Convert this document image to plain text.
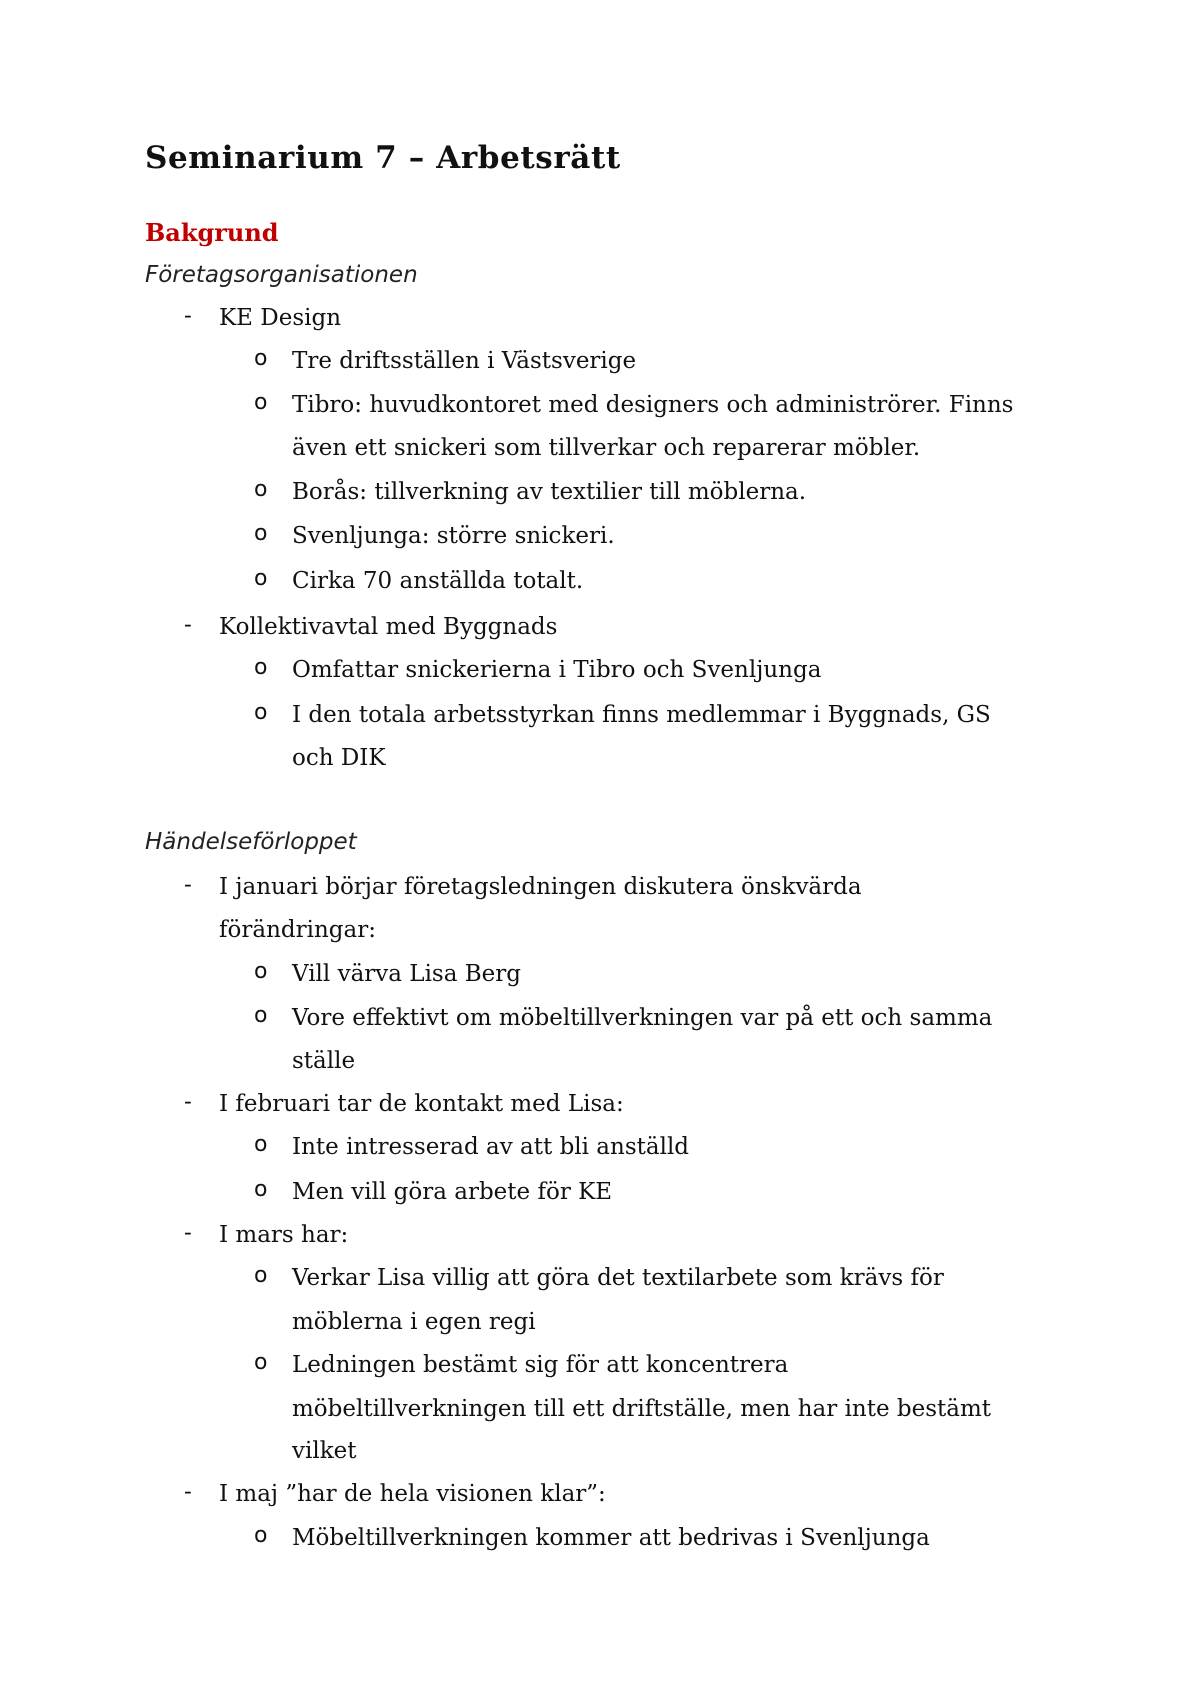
Seminarium 7 – Arbetsrätt
Bakgrund

Företagsorganisationen

- KE Design
o Tre driftsställen i Västsverige
o Tibro: huvudkontoret med designers och administrörer. Finns
även ett snickeri som tillverkar och reparerar möbler.
o Borås: tillverkning av textilier till möblerna.
o Svenljunga: större snickeri.
o Cirka 70 anställda totalt.
- Kollektivavtal med Byggnads
o Omfattar snickerierna i Tibro och Svenljunga
o I den totala arbetsstyrkan finns medlemmar i Byggnads, GS
och DIK

Händelseförloppet

- I januari börjar företagsledningen diskutera önskvärda
förändringar:
o Vill värva Lisa Berg
o Vore effektivt om möbeltillverkningen var på ett och samma
ställe
- I februari tar de kontakt med Lisa:
o Inte intresserad av att bli anställd
o Men vill göra arbete för KE
- I mars har:
o Verkar Lisa villig att göra det textilarbete som krävs för
möblerna i egen regi
o Ledningen bestämt sig för att koncentrera
möbeltillverkningen till ett driftställe, men har inte bestämt
vilket
- I maj ”har de hela visionen klar”:
o Möbeltillverkningen kommer att bedrivas i Svenljunga
